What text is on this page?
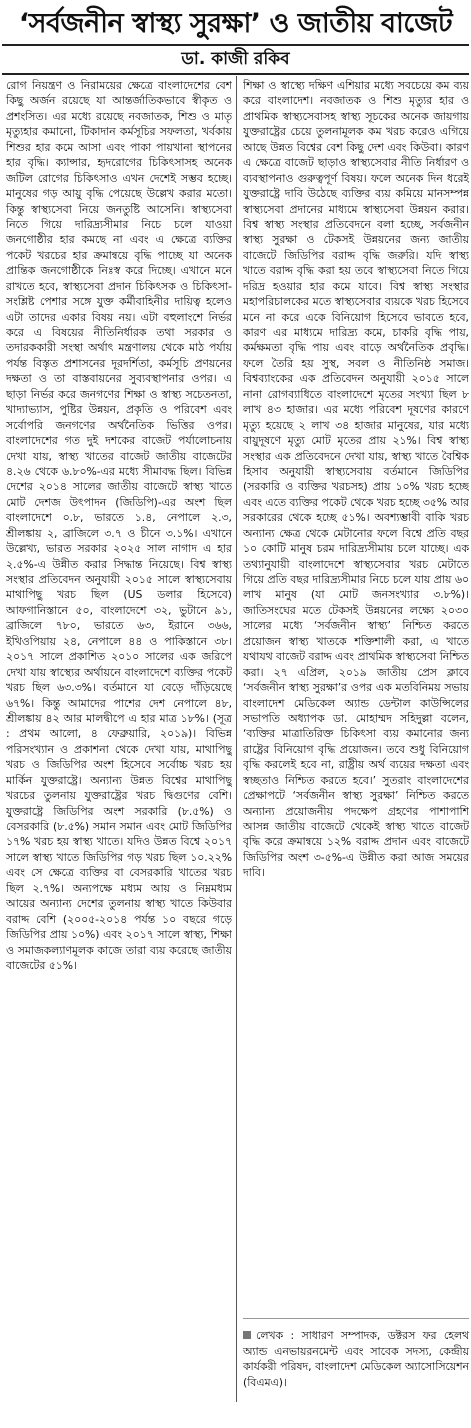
‘সর্বজনীন স্বাস্থ্য সুরক্ষা’ ও জাতীয় বাজেট
ডা. কাজী রকিব

রোগ নিয়ন্ত্রণ ও নিরাময়ের ক্ষেত্রে বাংলাদেশের বেশ কিছু অর্জন রয়েছে যা আন্তর্জাতিকভাবে স্বীকৃত ও প্রশংসিত। এর মধ্যে রয়েছে নবজাতক, শিশু ও মাতৃ মৃত্যুহার কমানো, টিকাদান কর্মসূচির সফলতা, খর্বকায় শিশুর হার কমে আসা এবং পাকা পায়খানা স্থাপনের হার বৃদ্ধি। ক্যান্সার, হৃদরোগের চিকিৎসাসহ অনেক জটিল রোগের চিকিৎসাও এখন দেশেই সম্ভব হচ্ছে। মানুষের গড় আয়ু বৃদ্ধি পেয়েছে উল্লেখ করার মতো। কিন্তু স্বাস্থ্যসেবা নিয়ে জনতুষ্টি আসেনি। স্বাস্থ্যসেবা নিতে গিয়ে দারিদ্র্যসীমার নিচে চলে যাওয়া জনগোষ্ঠীর হার কমছে না এবং এ ক্ষেত্রে ব্যক্তির পকেট খরচের হার ক্রমান্বয়ে বৃদ্ধি পাচ্ছে যা অনেক প্রান্তিক জনগোষ্ঠীকে নিঃস্ব করে দিচ্ছে। এখানে মনে রাখতে হবে, স্বাস্থ্যসেবা প্রদান চিকিৎসক ও চিকিৎসা-সংশ্লিষ্ট পেশার সঙ্গে যুক্ত কর্মীবাহিনীর দায়িত্ব হলেও এটা তাদের একার বিষয় নয়। এটা বহুলাংশে নির্ভর করে এ বিষয়ের নীতিনির্ধারক তথা সরকার ও তদারককারী সংস্থা অর্থাৎ মন্ত্রণালয় থেকে মাঠ পর্যায় পর্যন্ত বিস্তৃত প্রশাসনের দূরদর্শিতা, কর্মসূচি প্রণয়নের দক্ষতা ও তা বাস্তবায়নের সুব্যবস্থাপনার ওপর। এ ছাড়া নির্ভর করে জনগণের শিক্ষা ও স্বাস্থ্য সচেতনতা, খাদ্যাভ্যাস, পুষ্টির উন্নয়ন, প্রকৃতি ও পরিবেশ এবং সর্বোপরি জনগণের অর্থনৈতিক ভিত্তির ওপর। বাংলাদেশের গত দুই দশকের বাজেট পর্যালোচনায় দেখা যায়, স্বাস্থ্য খাতের বাজেট জাতীয় বাজেটের ৪.২৬ থেকে ৬.৮০%-এর মধ্যে সীমাবদ্ধ ছিল। বিভিন্ন দেশের ২০১৪ সালের জাতীয় বাজেটে স্বাস্থ্য খাতে মোট দেশজ উৎপাদন (জিডিপি)-এর অংশ ছিল বাংলাদেশে ০.৮, ভারতে ১.৪, নেপালে ২.৩, শ্রীলঙ্কায় ২, ব্রাজিলে ৩.৭ ও চীনে ৩.১%। এখানে উল্লেখ্য, ভারত সরকার ২০২৫ সাল নাগাদ এ হার ২.৫%-এ উন্নীত করার সিদ্ধান্ত নিয়েছে। বিশ্ব স্বাস্থ্য সংস্থার প্রতিবেদন অনুযায়ী ২০১৫ সালে স্বাস্থ্যসেবায় মাথাপিছু খরচ ছিল (US ডলার হিসেবে) আফগানিস্তানে ৫০, বাংলাদেশে ৩২, ভুটানে ৯১, ব্রাজিলে ৭৮০, ভারতে ৬৩, ইরানে ৩৬৬, ইথিওপিয়ায় ২৪, নেপালে ৪৪ ও পাকিস্তানে ৩৮। ২০১৭ সালে প্রকাশিত ২০১০ সালের এক জরিপে দেখা যায় স্বাস্থ্যের অর্থায়নে বাংলাদেশে ব্যক্তির পকেট খরচ ছিল ৬৩.৩%। বর্তমানে যা বেড়ে দাঁড়িয়েছে ৬৭%। কিন্তু আমাদের পাশের দেশ নেপালে ৪৮, শ্রীলঙ্কায় ৪২ আর মালদ্বীপে এ হার মাত্র ১৮%। (সূত্র : প্রথম আলো, ৪ ফেব্রুয়ারি, ২০১৯)। বিভিন্ন পরিসংখ্যান ও প্রকাশনা থেকে দেখা যায়, মাথাপিছু খরচ ও জিডিপির অংশ হিসেবে সর্বোচ্চ খরচ হয় মার্কিন যুক্তরাষ্ট্রে। অন্যান্য উন্নত বিশ্বের মাথাপিছু খরচের তুলনায় যুক্তরাষ্ট্রের খরচ দ্বিগুণের বেশি। যুক্তরাষ্ট্রে জিডিপির অংশ সরকারি (৮.৫%) ও বেসরকারি (৮.৫%) সমান সমান এবং মোট জিডিপির ১৭% খরচ হয় স্বাস্থ্য খাতে। যদিও উন্নত বিশ্বে ২০১৭ সালে স্বাস্থ্য খাতে জিডিপির গড় খরচ ছিল ১০.২২% এবং সে ক্ষেত্রে ব্যক্তির বা বেসরকারি খাতের খরচ ছিল ২.৭%। অন্যপক্ষে মধ্যম আয় ও নিম্নমধ্যম আয়ের অন্যান্য দেশের তুলনায় স্বাস্থ্য খাতে কিউবার বরাদ্দ বেশি (২০০৫-২০১৪ পর্যন্ত ১০ বছরে গড়ে জিডিপির প্রায় ১০%) এবং ২০১৭ সালে স্বাস্থ্য, শিক্ষা ও সমাজকল্যাণমূলক কাজে তারা ব্যয় করেছে জাতীয় বাজেটের ৫১%।

শিক্ষা ও স্বাস্থ্যে দক্ষিণ এশিয়ার মধ্যে সবচেয়ে কম ব্যয় করে বাংলাদেশ। নবজাতক ও শিশু মৃত্যুর হার ও প্রাথমিক স্বাস্থ্যসেবাসহ স্বাস্থ্য সূচকের অনেক জায়গায় যুক্তরাষ্ট্রের চেয়ে তুলনামূলক কম খরচ করেও এগিয়ে আছে উন্নত বিশ্বের বেশ কিছু দেশ এবং কিউবা। কারণ এ ক্ষেত্রে বাজেট ছাড়াও স্বাস্থ্যসেবার নীতি নির্ধারণ ও ব্যবস্থাপনাও গুরুত্বপূর্ণ বিষয়। ফলে অনেক দিন ধরেই যুক্তরাষ্ট্রে দাবি উঠেছে ব্যক্তির ব্যয় কমিয়ে মানসম্পন্ন স্বাস্থ্যসেবা প্রদানের মাধ্যমে স্বাস্থ্যসেবা উন্নয়ন করার। বিশ্ব স্বাস্থ্য সংস্থার প্রতিবেদনে বলা হচ্ছে, সর্বজনীন স্বাস্থ্য সুরক্ষা ও টেকসই উন্নয়নের জন্য জাতীয় বাজেটে জিডিপির বরাদ্দ বৃদ্ধি জরুরি। যদি স্বাস্থ্য খাতে বরাদ্দ বৃদ্ধি করা হয় তবে স্বাস্থ্যসেবা নিতে গিয়ে দরিদ্র হওয়ার হার কমে যাবে। বিশ্ব স্বাস্থ্য সংস্থার মহাপরিচালকের মতে স্বাস্থ্যসেবার ব্যয়কে খরচ হিসেবে মনে না করে একে বিনিয়োগ হিসেবে ভাবতে হবে, কারণ এর মাধ্যমে দারিদ্র্য কমে, চাকরি বৃদ্ধি পায়, কর্মক্ষমতা বৃদ্ধি পায় এবং বাড়ে অর্থনৈতিক প্রবৃদ্ধি। ফলে তৈরি হয় সুস্থ, সবল ও নীতিনিষ্ঠ সমাজ। বিশ্বব্যাংকের এক প্রতিবেদন অনুযায়ী ২০১৫ সালে নানা রোগব্যাধিতে বাংলাদেশে মৃতের সংখ্যা ছিল ৮ লাখ ৪৩ হাজার। এর মধ্যে পরিবেশ দূষণের কারণে মৃত্যু হয়েছে ২ লাখ ৩৪ হাজার মানুষের, যার মধ্যে বায়ুদূষণে মৃত্যু মোট মৃতের প্রায় ২১%। বিশ্ব স্বাস্থ্য সংস্থার এক প্রতিবেদনে দেখা যায়, স্বাস্থ্য খাতে বৈশ্বিক হিসাব অনুযায়ী স্বাস্থ্যসেবায় বর্তমানে জিডিপির (সরকারি ও ব্যক্তির খরচসহ) প্রায় ১০% খরচ হচ্ছে এবং এতে ব্যক্তির পকেট থেকে খরচ হচ্ছে ৩৫% আর সরকারের থেকে হচ্ছে ৫১%। অবশ্যম্ভাবী বাকি খরচ অন্যান্য ক্ষেত্র থেকে মেটানোর ফলে বিশ্বে প্রতি বছর ১০ কোটি মানুষ চরম দারিদ্র্যসীমায় চলে যাচ্ছে। এক তথ্যানুযায়ী বাংলাদেশে স্বাস্থ্যসেবার খরচ মেটাতে গিয়ে প্রতি বছর দারিদ্র্যসীমার নিচে চলে যায় প্রায় ৬০ লাখ মানুষ (যা মোট জনসংখ্যার ৩.৮%)। জাতিসংঘের মতে টেকসই উন্নয়নের লক্ষ্যে ২০৩০ সালের মধ্যে ‘সর্বজনীন স্বাস্থ্য’ নিশ্চিত করতে প্রয়োজন স্বাস্থ্য খাতকে শক্তিশালী করা, এ খাতে যথাযথ বাজেট বরাদ্দ এবং প্রাথমিক স্বাস্থ্যসেবা নিশ্চিত করা। ২৭ এপ্রিল, ২০১৯ জাতীয় প্রেস ক্লাবে ‘সর্বজনীন স্বাস্থ্য সুরক্ষা’র ওপর এক মতবিনিময় সভায় বাংলাদেশ মেডিকেল অ্যান্ড ডেন্টাল কাউন্সিলের সভাপতি অধ্যাপক ডা. মোহাম্মদ সহিদুল্লা বলেন, ‘ব্যক্তির মাত্রাতিরিক্ত চিকিৎসা ব্যয় কমানোর জন্য রাষ্ট্রের বিনিয়োগ বৃদ্ধি প্রয়োজন। তবে শুধু বিনিয়োগ বৃদ্ধি করলেই হবে না, রাষ্ট্রীয় অর্থ ব্যয়ের দক্ষতা এবং স্বচ্ছতাও নিশ্চিত করতে হবে।’ সুতরাং বাংলাদেশের প্রেক্ষাপটে ‘সর্বজনীন স্বাস্থ্য সুরক্ষা’ নিশ্চিত করতে অন্যান্য প্রয়োজনীয় পদক্ষেপ গ্রহণের পাশাপাশি আসন্ন জাতীয় বাজেটে থেকেই স্বাস্থ্য খাতে বাজেট বৃদ্ধি করে ক্রমান্বয়ে ১২% বরাদ্দ প্রদান এবং বাজেটে জিডিপির অংশ ৩-৫%-এ উন্নীত করা আজ সময়ের দাবি।

লেখক : সাধারণ সম্পাদক, ডক্টরস ফর হেলথ অ্যান্ড এনভায়রনমেন্ট এবং সাবেক সদস্য, কেন্দ্রীয় কার্যকরী পরিষদ, বাংলাদেশ মেডিকেল অ্যাসোসিয়েশন (বিএমএ)।
